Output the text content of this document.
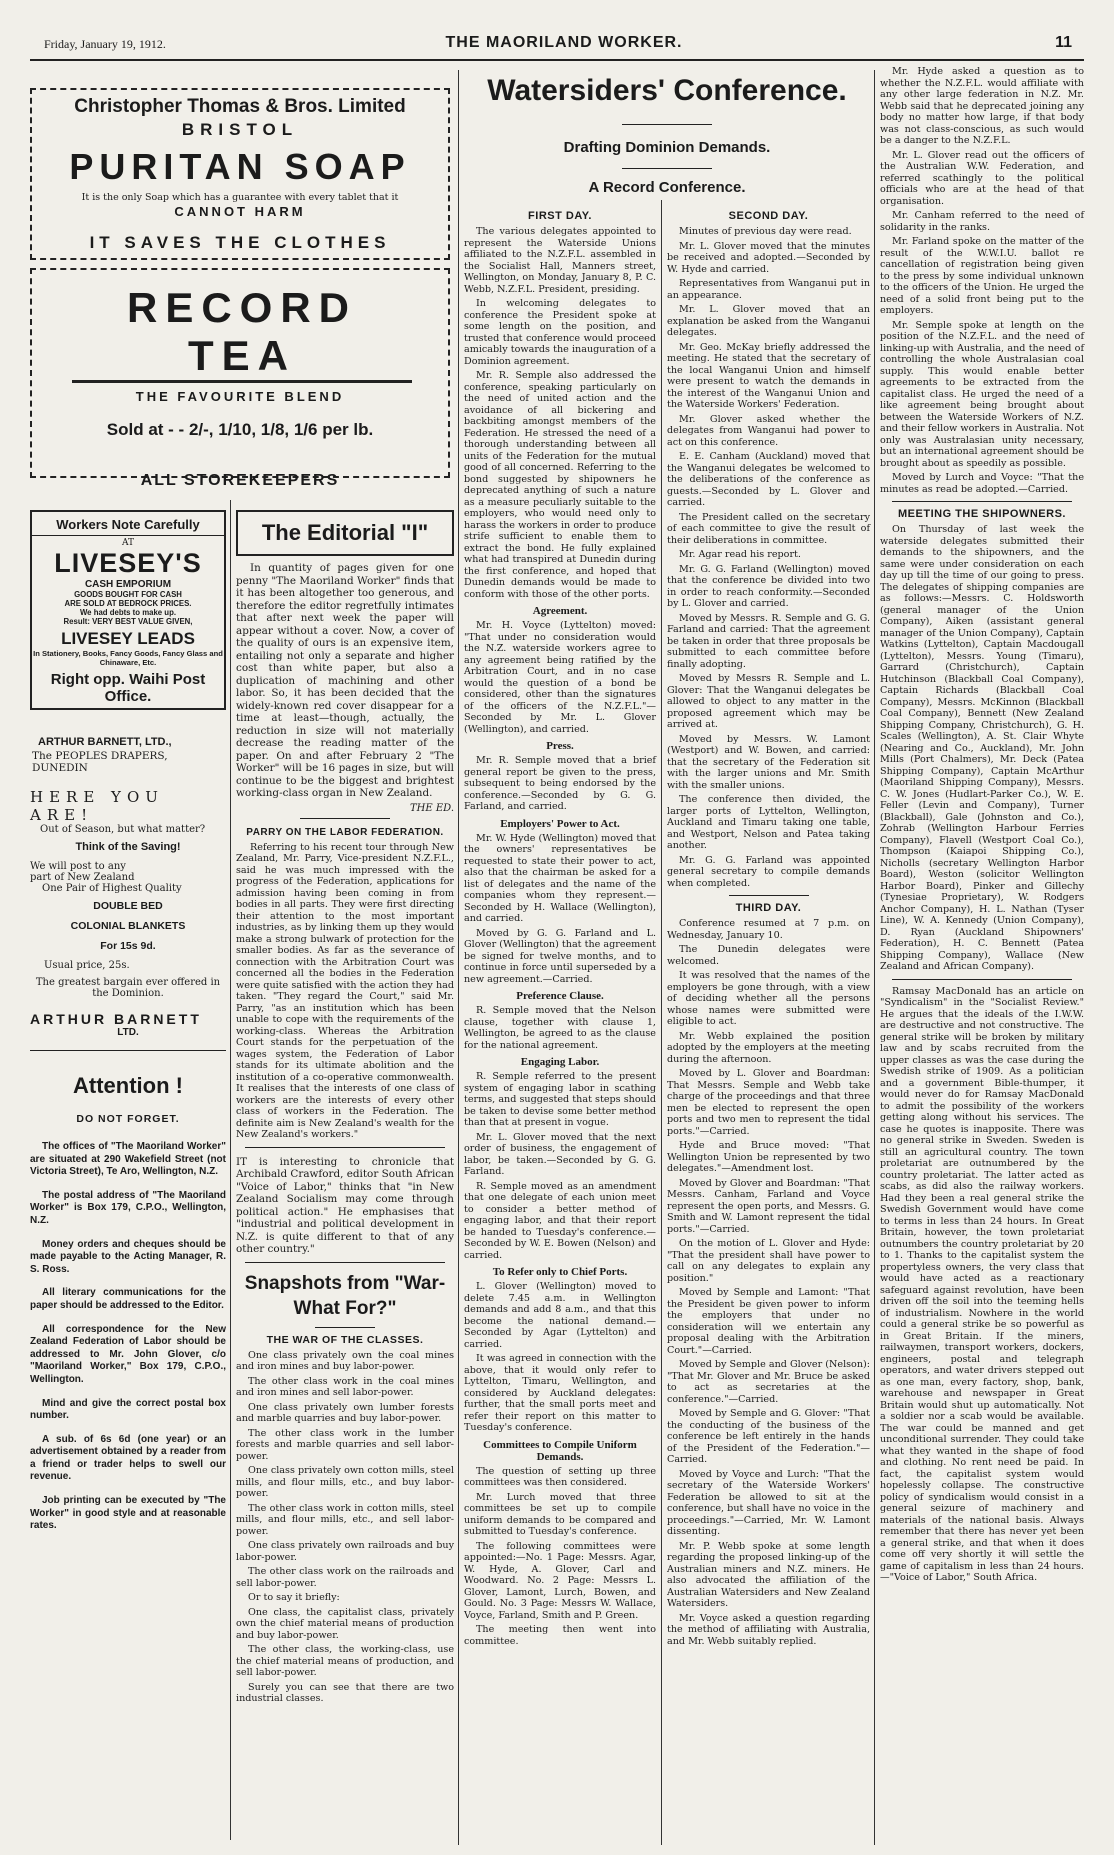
Friday, January 19, 1912.	THE MAORILAND WORKER.	11
Christopher Thomas & Bros. Limited
BRISTOL
PURITAN SOAP
It is the only Soap which has a guarantee with every tablet that it
CANNOT HARM
IT SAVES THE CLOTHES
RECORD TEA
THE FAVOURITE BLEND
Sold at - - 2/-, 1/10, 1/8, 1/6 per lb.
ALL STOREKEEPERS
Workers Note Carefully
AT
LIVESEY'S
CASH EMPORIUM
GOODS BOUGHT FOR CASH
ARE SOLD AT BEDROCK PRICES.
We had debts to make up.
Result: VERY BEST VALUE GIVEN,
LIVESEY LEADS
In Stationery, Books, Fancy Goods, Fancy Glass and Chinaware, Etc.
Right opp. Waihi Post Office.
ARTHUR BARNETT, LTD.,
The PEOPLES DRAPERS, DUNEDIN
HERE YOU ARE!
Out of Season, but what matter?
Think of the Saving!
We will post to any
part of New Zealand
One Pair of Highest Quality
DOUBLE BED
COLONIAL BLANKETS
For 15s 9d.
Usual price, 25s.
The greatest bargain ever offered in the Dominion.
ARTHUR BARNETT
LTD.
Attention !
DO NOT FORGET.
The offices of "The Maoriland Worker" are situated at 290 Wakefield Street (not Victoria Street), Te Aro, Wellington, N.Z.
The postal address of "The Maoriland Worker" is Box 179, C.P.O., Wellington, N.Z.
Money orders and cheques should be made payable to the Acting Manager, R. S. Ross.
All literary communications for the paper should be addressed to the Editor.
All correspondence for the New Zealand Federation of Labor should be addressed to Mr. John Glover, c/o "Maoriland Worker," Box 179, C.P.O., Wellington.
Mind and give the correct postal box number.
A sub. of 6s 6d (one year) or an advertisement obtained by a reader from a friend or trader helps to swell our revenue.
Job printing can be executed by "The Worker" in good style and at reasonable rates.
The Editorial "I"
In quantity of pages given for one penny "The Maoriland Worker" finds that it has been altogether too generous, and therefore the editor regretfully intimates that after next week the paper will appear without a cover. Now, a cover of the quality of ours is an expensive item, entailing not only a separate and higher cost than white paper, but also a duplication of machining and other labor. So, it has been decided that the widely-known red cover disappear for a time at least—though, actually, the reduction in size will not materially decrease the reading matter of the paper. On and after February 2 "The Worker" will be 16 pages in size, but will continue to be the biggest and brightest working-class organ in New Zealand.
THE ED.
PARRY ON THE LABOR FEDERATION.
Referring to his recent tour through New Zealand, Mr. Parry, Vice-president N.Z.F.L., said he was much impressed with the progress of the Federation, applications for admission having been coming in from bodies in all parts. They were first directing their attention to the most important industries, as by linking them up they would make a strong bulwark of protection for the smaller bodies. As far as the severance of connection with the Arbitration Court was concerned all the bodies in the Federation were quite satisfied with the action they had taken. "They regard the Court," said Mr. Parry, "as an institution which has been unable to cope with the requirements of the working-class. Whereas the Arbitration Court stands for the perpetuation of the wages system, the Federation of Labor stands for its ultimate abolition and the institution of a co-operative commonwealth. It realises that the interests of one class of workers are the interests of every other class of workers in the Federation. The definite aim is New Zealand's wealth for the New Zealand's workers."
IT is interesting to chronicle that Archibald Crawford, editor South African "Voice of Labor," thinks that "in New Zealand Socialism may come through political action." He emphasises that "industrial and political development in N.Z. is quite different to that of any other country."
Snapshots from "War-What For?"
THE WAR OF THE CLASSES.
One class privately own the coal mines and iron mines and buy labor-power.
The other class work in the coal mines and iron mines and sell labor-power.
One class privately own lumber forests and marble quarries and buy labor-power.
The other class work in the lumber forests and marble quarries and sell labor-power.
One class privately own cotton mills, steel mills, and flour mills, etc., and buy labor-power.
The other class work in cotton mills, steel mills, and flour mills, etc., and sell labor-power.
One class privately own railroads and buy labor-power.
The other class work on the railroads and sell labor-power.
Or to say it briefly:
One class, the capitalist class, privately own the chief material means of production and buy labor-power.
The other class, the working-class, use the chief material means of production, and sell labor-power.
Surely you can see that there are two industrial classes.
Watersiders' Conference.
Drafting Dominion Demands.
A Record Conference.
FIRST DAY.
The various delegates appointed to represent the Waterside Unions affiliated to the N.Z.F.L. assembled in the Socialist Hall, Manners street, Wellington, on Monday, January 8, P. C. Webb, N.Z.F.L. President, presiding.
In welcoming delegates to conference the President spoke at some length on the position, and trusted that conference would proceed amicably towards the inauguration of a Dominion agreement.
Mr. R. Semple also addressed the conference, speaking particularly on the need of united action and the avoidance of all bickering and backbiting amongst members of the Federation. He stressed the need of a thorough understanding between all units of the Federation for the mutual good of all concerned. Referring to the bond suggested by shipowners he deprecated anything of such a nature as a measure peculiarly suitable to the employers, who would need only to harass the workers in order to produce strife sufficient to enable them to extract the bond. He fully explained what had transpired at Dunedin during the first conference, and hoped that Dunedin demands would be made to conform with those of the other ports.
Agreement.
Mr. H. Voyce (Lyttelton) moved: "That under no consideration would the N.Z. waterside workers agree to any agreement being ratified by the Arbitration Court, and in no case would the question of a bond be considered, other than the signatures of the officers of the N.Z.F.L."—Seconded by Mr. L. Glover (Wellington), and carried.
Press.
Mr. R. Semple moved that a brief general report be given to the press, subsequent to being endorsed by the conference.—Seconded by G. G. Farland, and carried.
Employers' Power to Act.
Mr. W. Hyde (Wellington) moved that the owners' representatives be requested to state their power to act, also that the chairman be asked for a list of delegates and the name of the companies whom they represent.—Seconded by H. Wallace (Wellington), and carried.
Moved by G. G. Farland and L. Glover (Wellington) that the agreement be signed for twelve months, and to continue in force until superseded by a new agreement.—Carried.
Preference Clause.
R. Semple moved that the Nelson clause, together with clause 1, Wellington, be agreed to as the clause for the national agreement.
Engaging Labor.
R. Semple referred to the present system of engaging labor in scathing terms, and suggested that steps should be taken to devise some better method than that at present in vogue.
Mr. L. Glover moved that the next order of business, the engagement of labor, be taken.—Seconded by G. G. Farland.
R. Semple moved as an amendment that one delegate of each union meet to consider a better method of engaging labor, and that their report be handed to Tuesday's conference.—Seconded by W. E. Bowen (Nelson) and carried.
To Refer only to Chief Ports.
L. Glover (Wellington) moved to delete 7.45 a.m. in Wellington demands and add 8 a.m., and that this become the national demand.—Seconded by Agar (Lyttelton) and carried.
It was agreed in connection with the above, that it would only refer to Lyttelton, Timaru, Wellington, and considered by Auckland delegates: further, that the small ports meet and refer their report on this matter to Tuesday's conference.
Committees to Compile Uniform Demands.
The question of setting up three committees was then considered.
Mr. Lurch moved that three committees be set up to compile uniform demands to be compared and submitted to Tuesday's conference.
The following committees were appointed:—No. 1 Page: Messrs. Agar, W. Hyde, A. Glover, Carl and Woodward. No. 2 Page: Messrs L. Glover, Lamont, Lurch, Bowen, and Gould. No. 3 Page: Messrs W. Wallace, Voyce, Farland, Smith and P. Green.
The meeting then went into committee.
SECOND DAY.
Minutes of previous day were read.
Mr. L. Glover moved that the minutes be received and adopted.—Seconded by W. Hyde and carried.
Representatives from Wanganui put in an appearance.
Mr. L. Glover moved that an explanation be asked from the Wanganui delegates.
Mr. Geo. McKay briefly addressed the meeting. He stated that the secretary of the local Wanganui Union and himself were present to watch the demands in the interest of the Wanganui Union and the Waterside Workers' Federation.
Mr. Glover asked whether the delegates from Wanganui had power to act on this conference.
E. E. Canham (Auckland) moved that the Wanganui delegates be welcomed to the deliberations of the conference as guests.—Seconded by L. Glover and carried.
The President called on the secretary of each committee to give the result of their deliberations in committee.
Mr. Agar read his report.
Mr. G. G. Farland (Wellington) moved that the conference be divided into two in order to reach conformity.—Seconded by L. Glover and carried.
Moved by Messrs. R. Semple and G. G. Farland and carried: That the agreement be taken in order that three proposals be submitted to each committee before finally adopting.
Moved by Messrs R. Semple and L. Glover: That the Wanganui delegates be allowed to object to any matter in the proposed agreement which may be arrived at.
Moved by Messrs. W. Lamont (Westport) and W. Bowen, and carried: that the secretary of the Federation sit with the larger unions and Mr. Smith with the smaller unions.
The conference then divided, the larger ports of Lyttelton, Wellington, Auckland and Timaru taking one table, and Westport, Nelson and Patea taking another.
Mr. G. G. Farland was appointed general secretary to compile demands when completed.
THIRD DAY.
Conference resumed at 7 p.m. on Wednesday, January 10.
The Dunedin delegates were welcomed.
It was resolved that the names of the employers be gone through, with a view of deciding whether all the persons whose names were submitted were eligible to act.
Mr. Webb explained the position adopted by the employers at the meeting during the afternoon.
Moved by L. Glover and Boardman: That Messrs. Semple and Webb take charge of the proceedings and that three men be elected to represent the open ports and two men to represent the tidal ports."—Carried.
Hyde and Bruce moved: "That Wellington Union be represented by two delegates."—Amendment lost.
Moved by Glover and Boardman: "That Messrs. Canham, Farland and Voyce represent the open ports, and Messrs. G. Smith and W. Lamont represent the tidal ports."—Carried.
On the motion of L. Glover and Hyde: "That the president shall have power to call on any delegates to explain any position."
Moved by Semple and Lamont: "That the President be given power to inform the employers that under no consideration will we entertain any proposal dealing with the Arbitration Court."—Carried.
Moved by Semple and Glover (Nelson): "That Mr. Glover and Mr. Bruce be asked to act as secretaries at the conference."—Carried.
Moved by Semple and G. Glover: "That the conducting of the business of the conference be left entirely in the hands of the President of the Federation."—Carried.
Moved by Voyce and Lurch: "That the secretary of the Waterside Workers' Federation be allowed to sit at the conference, but shall have no voice in the proceedings."—Carried, Mr. W. Lamont dissenting.
Mr. P. Webb spoke at some length regarding the proposed linking-up of the Australian miners and N.Z. miners. He also advocated the affiliation of the Australian Watersiders and New Zealand Watersiders.
Mr. Voyce asked a question regarding the method of affiliating with Australia, and Mr. Webb suitably replied.
Mr. Hyde asked a question as to whether the N.Z.F.L. would affiliate with any other large federation in N.Z. Mr. Webb said that he deprecated joining any body no matter how large, if that body was not class-conscious, as such would be a danger to the N.Z.F.L.
Mr. L. Glover read out the officers of the Australian W.W. Federation, and referred scathingly to the political officials who are at the head of that organisation.
Mr. Canham referred to the need of solidarity in the ranks.
Mr. Farland spoke on the matter of the result of the W.W.I.U. ballot re cancellation of registration being given to the press by some individual unknown to the officers of the Union. He urged the need of a solid front being put to the employers.
Mr. Semple spoke at length on the position of the N.Z.F.L. and the need of linking-up with Australia, and the need of controlling the whole Australasian coal supply. This would enable better agreements to be extracted from the capitalist class. He urged the need of a like agreement being brought about between the Waterside Workers of N.Z. and their fellow workers in Australia. Not only was Australasian unity necessary, but an international agreement should be brought about as speedily as possible.
Moved by Lurch and Voyce: "That the minutes as read be adopted.—Carried.
MEETING THE SHIPOWNERS.
On Thursday of last week the waterside delegates submitted their demands to the shipowners, and the same were under consideration on each day up till the time of our going to press. The delegates of shipping companies are as follows:—Messrs. C. Holdsworth (general manager of the Union Company), Aiken (assistant general manager of the Union Company), Captain Watkins (Lyttelton), Captain Macdougall (Lyttelton), Messrs. Young (Timaru), Garrard (Christchurch), Captain Hutchinson (Blackball Coal Company), Captain Richards (Blackball Coal Company), Messrs. McKinnon (Blackball Coal Company), Bennett (New Zealand Shipping Company, Christchurch), G. H. Scales (Wellington), A. St. Clair Whyte (Nearing and Co., Auckland), Mr. John Mills (Port Chalmers), Mr. Deck (Patea Shipping Company), Captain McArthur (Maoriland Shipping Company), Messrs. C. W. Jones (Hudlart-Parker Co.), W. E. Feller (Levin and Company), Turner (Blackball), Gale (Johnston and Co.), Zohrab (Wellington Harbour Ferries Company), Flavell (Westport Coal Co.), Thompson (Kaiapoi Shipping Co.), Nicholls (secretary Wellington Harbor Board), Weston (solicitor Wellington Harbor Board), Pinker and Gillechy (Tynesiae Proprietary), W. Rodgers Anchor Company), H. L. Nathan (Tyser Line), W. A. Kennedy (Union Company), D. Ryan (Auckland Shipowners' Federation), H. C. Bennett (Patea Shipping Company), Wallace (New Zealand and African Company).
Ramsay MacDonald has an article on "Syndicalism" in the "Socialist Review." He argues that the ideals of the I.W.W. are destructive and not constructive. The general strike will be broken by military law and by scabs recruited from the upper classes as was the case during the Swedish strike of 1909. As a politician and a government Bible-thumper, it would never do for Ramsay MacDonald to admit the possibility of the workers getting along without his services. The case he quotes is inapposite. There was no general strike in Sweden. Sweden is still an agricultural country. The town proletariat are outnumbered by the country proletariat. The latter acted as scabs, as did also the railway workers. Had they been a real general strike the Swedish Government would have come to terms in less than 24 hours. In Great Britain, however, the town proletariat outnumbers the country proletariat by 20 to 1. Thanks to the capitalist system the propertyless owners, the very class that would have acted as a reactionary safeguard against revolution, have been driven off the soil into the teeming hells of industrialism. Nowhere in the world could a general strike be so powerful as in Great Britain. If the miners, railwaymen, transport workers, dockers, engineers, postal and telegraph operators, and water drivers stepped out as one man, every factory, shop, bank, warehouse and newspaper in Great Britain would shut up automatically. Not a soldier nor a scab would be available. The war could be manned and get unconditional surrender. They could take what they wanted in the shape of food and clothing. No rent need be paid. In fact, the capitalist system would hopelessly collapse. The constructive policy of syndicalism would consist in a general seizure of machinery and materials of the national basis. Always remember that there has never yet been a general strike, and that when it does come off very shortly it will settle the game of capitalism in less than 24 hours.—"Voice of Labor," South Africa.
